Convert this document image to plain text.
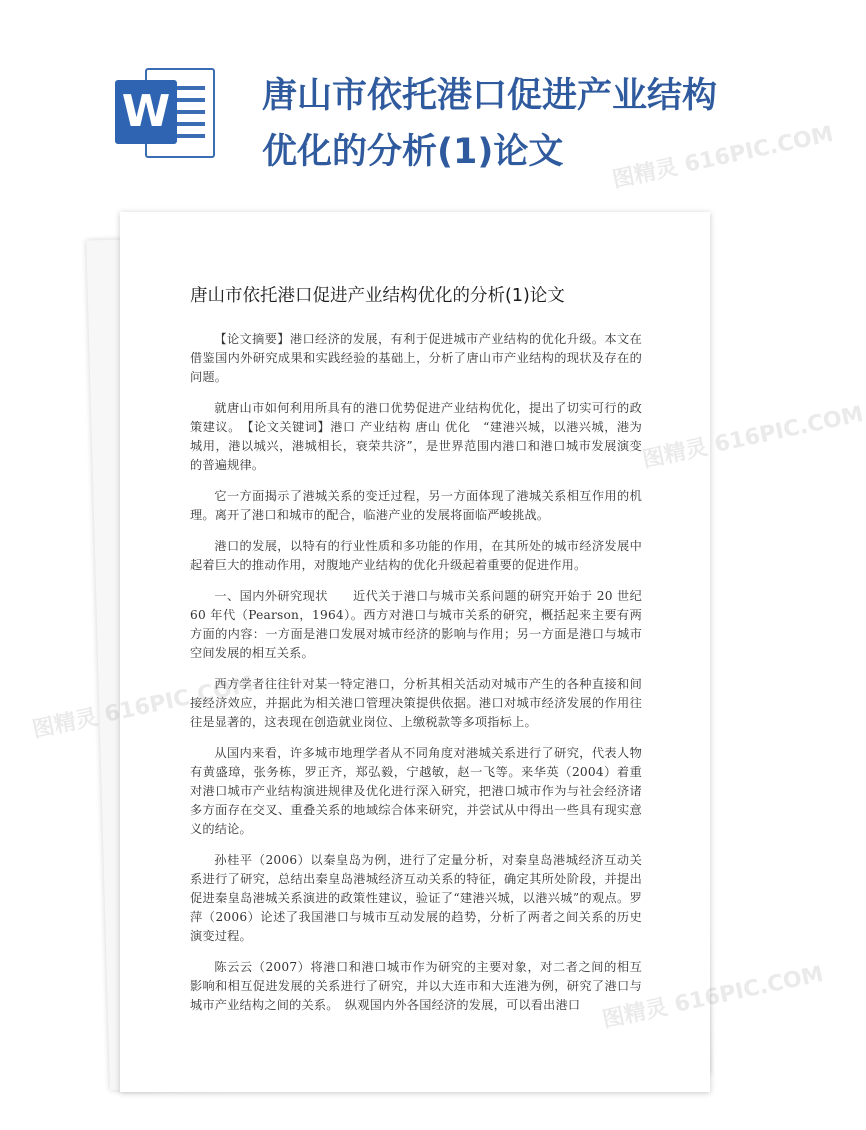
W	唐山市依托港口促进产业结构
优化的分析(1)论文
唐山市依托港口促进产业结构优化的分析(1)论文

【论文摘要】港口经济的发展，有利于促进城市产业结构的优化升级。本文在借鉴国内外研究成果和实践经验的基础上，分析了唐山市产业结构的现状及存在的问题。

就唐山市如何利用所具有的港口优势促进产业结构优化，提出了切实可行的政策建议。　【论文关键词】港口 产业结构 唐山 优化　“建港兴城，以港兴城，港为城用，港以城兴，港城相长，衰荣共济”，是世界范围内港口和港口城市发展演变的普遍规律。

它一方面揭示了港城关系的变迁过程，另一方面体现了港城关系相互作用的机理。离开了港口和城市的配合，临港产业的发展将面临严峻挑战。

港口的发展，以特有的行业性质和多功能的作用，在其所处的城市经济发展中起着巨大的推动作用，对腹地产业结构的优化升级起着重要的促进作用。

一、国内外研究现状　　近代关于港口与城市关系问题的研究开始于 20 世纪 60 年代（Pearson，1964）。西方对港口与城市关系的研究，概括起来主要有两方面的内容：一方面是港口发展对城市经济的影响与作用；另一方面是港口与城市空间发展的相互关系。

西方学者往往针对某一特定港口，分析其相关活动对城市产生的各种直接和间接经济效应，并据此为相关港口管理决策提供依据。港口对城市经济发展的作用往往是显著的，这表现在创造就业岗位、上缴税款等多项指标上。

从国内来看，许多城市地理学者从不同角度对港城关系进行了研究，代表人物有黄盛璋，张务栋，罗正齐，郑弘毅，宁越敏，赵一飞等。来华英（2004）着重对港口城市产业结构演进规律及优化进行深入研究，把港口城市作为与社会经济诸多方面存在交叉、重叠关系的地域综合体来研究，并尝试从中得出一些具有现实意义的结论。

孙桂平（2006）以秦皇岛为例，进行了定量分析，对秦皇岛港城经济互动关系进行了研究，总结出秦皇岛港城经济互动关系的特征，确定其所处阶段，并提出促进秦皇岛港城关系演进的政策性建议，验证了“建港兴城，以港兴城”的观点。罗萍（2006）论述了我国港口与城市互动发展的趋势，分析了两者之间关系的历史演变过程。

陈云云（2007）将港口和港口城市作为研究的主要对象，对二者之间的相互影响和相互促进发展的关系进行了研究，并以大连市和大连港为例，研究了港口与城市产业结构之间的关系。　纵观国内外各国经济的发展，可以看出港口

图精灵 616PIC.COM
图精灵 616PIC.COM
图精灵 616PIC.COM
图精灵 616PIC.COM
